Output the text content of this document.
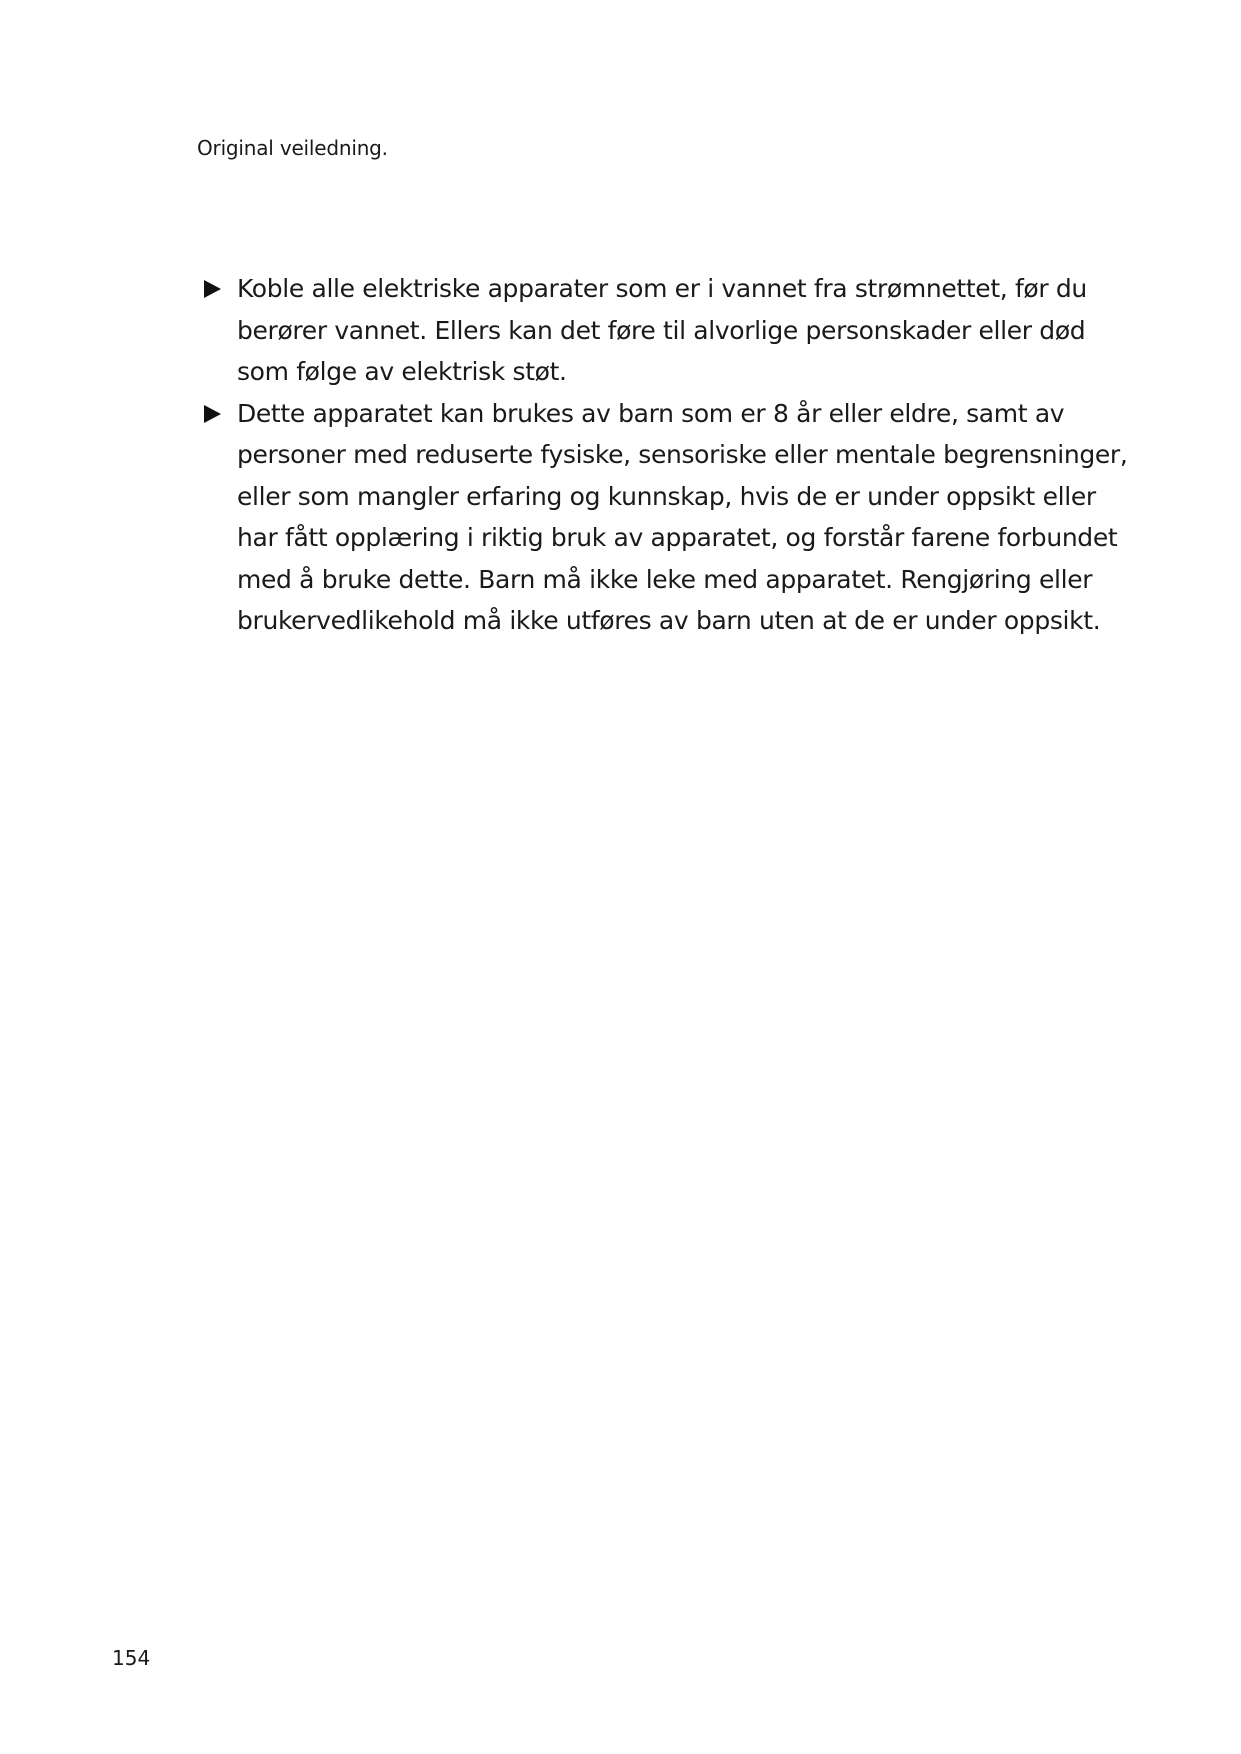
Original veiledning.
Koble alle elektriske apparater som er i vannet fra strømnettet, før du berører vannet. Ellers kan det føre til alvorlige personskader eller død som følge av elektrisk støt.
Dette apparatet kan brukes av barn som er 8 år eller eldre, samt av personer med reduserte fysiske, sensoriske eller mentale begrensninger, eller som mangler erfaring og kunnskap, hvis de er under oppsikt eller har fått opplæring i riktig bruk av apparatet, og forstår farene forbundet med å bruke dette. Barn må ikke leke med apparatet. Rengjøring eller brukervedlikehold må ikke utføres av barn uten at de er under oppsikt.
154
